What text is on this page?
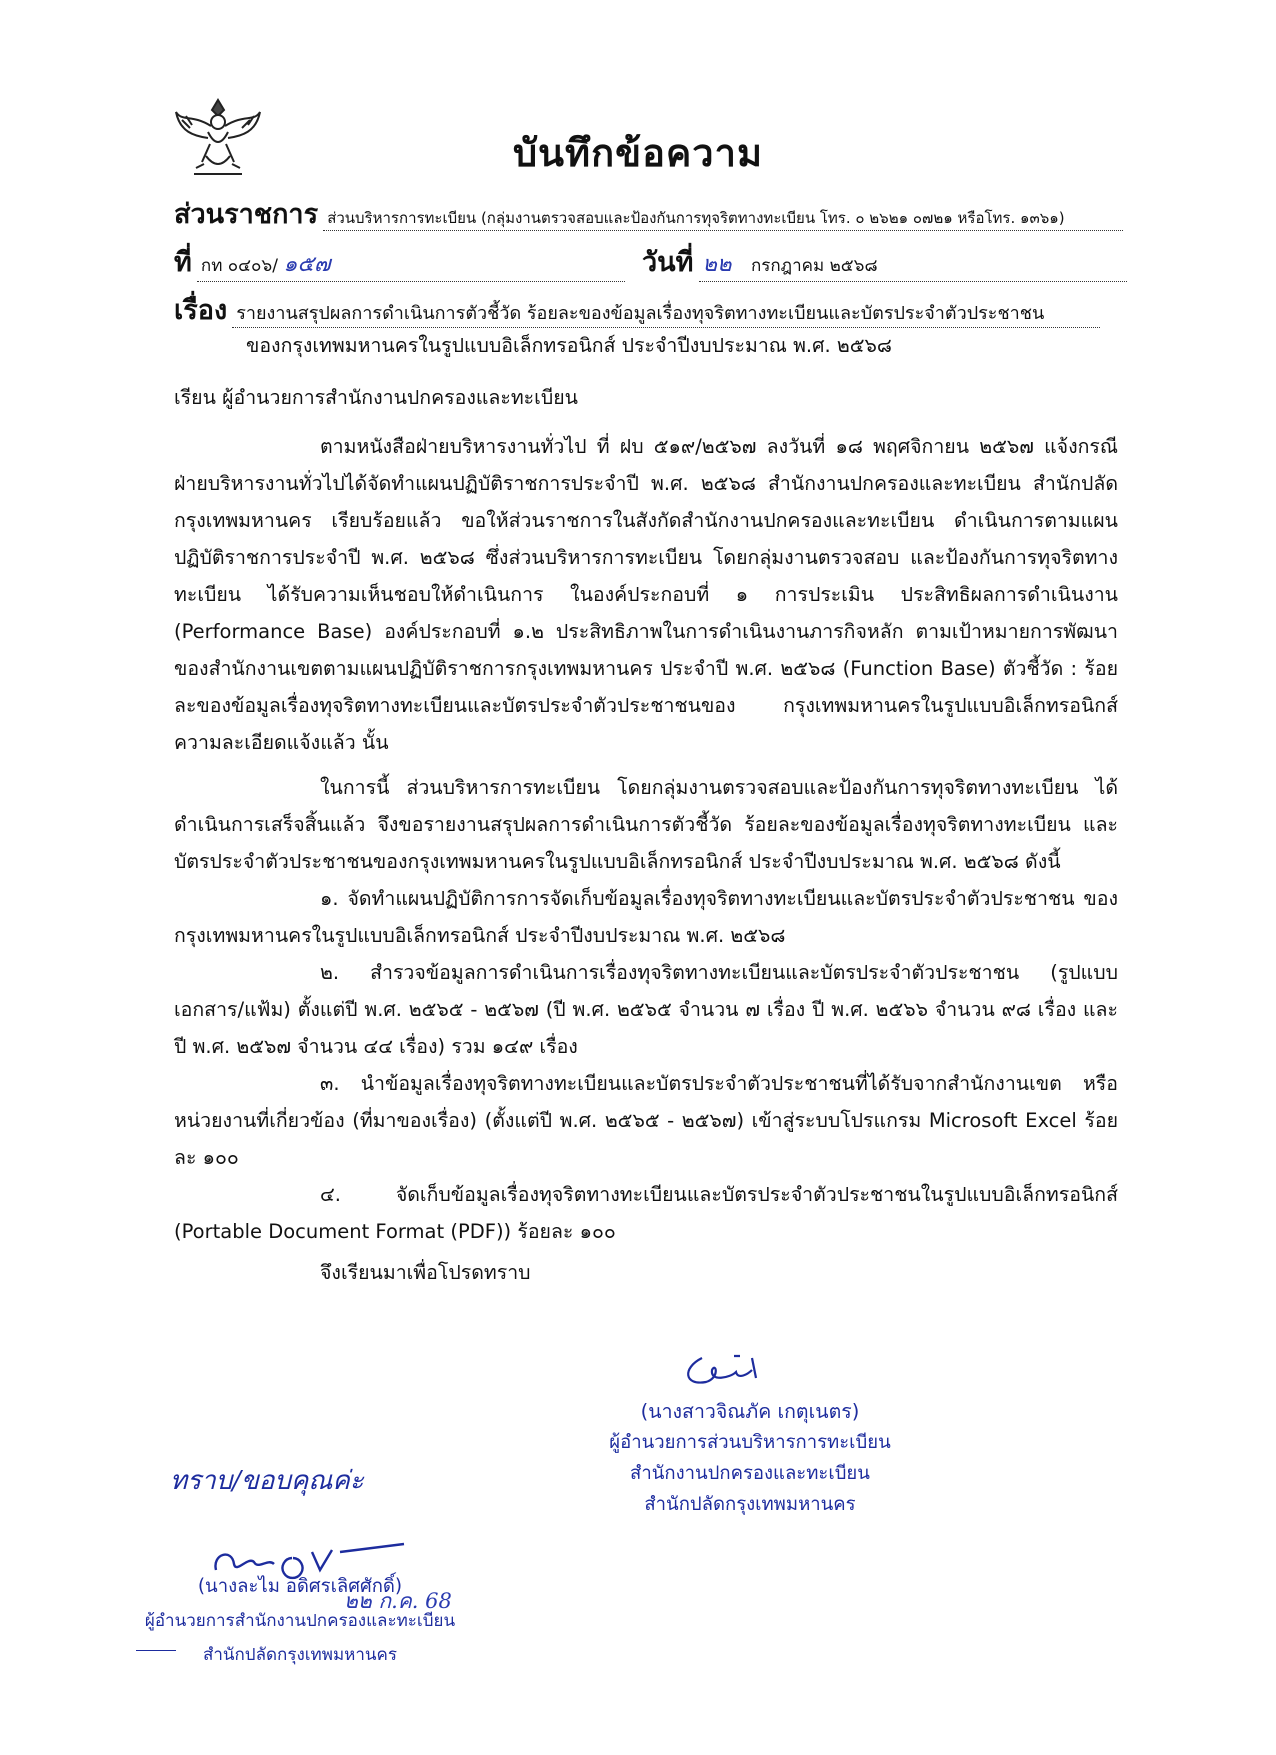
บันทึกข้อความ
ส่วนราชการ ส่วนบริหารการทะเบียน (กลุ่มงานตรวจสอบและป้องกันการทุจริตทางทะเบียน โทร. ๐ ๒๖๒๑ ๐๗๒๑ หรือโทร. ๑๓๖๑)
ที่ กท ๐๔๐๖/ ๑๕๗	วันที่ ๒๒ กรกฎาคม ๒๕๖๘
เรื่อง รายงานสรุปผลการดำเนินการตัวชี้วัด ร้อยละของข้อมูลเรื่องทุจริตทางทะเบียนและบัตรประจำตัวประชาชน
ของกรุงเทพมหานครในรูปแบบอิเล็กทรอนิกส์ ประจำปีงบประมาณ พ.ศ. ๒๕๖๘
เรียน ผู้อำนวยการสำนักงานปกครองและทะเบียน

ตามหนังสือฝ่ายบริหารงานทั่วไป ที่ ฝบ ๕๑๙/๒๕๖๗ ลงวันที่ ๑๘ พฤศจิกายน ๒๕๖๗ แจ้งกรณีฝ่ายบริหารงานทั่วไปได้จัดทำแผนปฏิบัติราชการประจำปี พ.ศ. ๒๕๖๘ สำนักงานปกครองและทะเบียน สำนักปลัดกรุงเทพมหานคร เรียบร้อยแล้ว ขอให้ส่วนราชการในสังกัดสำนักงานปกครองและทะเบียน ดำเนินการตามแผนปฏิบัติราชการประจำปี พ.ศ. ๒๕๖๘ ซึ่งส่วนบริหารการทะเบียน โดยกลุ่มงานตรวจสอบ และป้องกันการทุจริตทางทะเบียน ได้รับความเห็นชอบให้ดำเนินการ ในองค์ประกอบที่ ๑ การประเมิน ประสิทธิผลการดำเนินงาน (Performance Base) องค์ประกอบที่ ๑.๒ ประสิทธิภาพในการดำเนินงานภารกิจหลัก ตามเป้าหมายการพัฒนาของสำนักงานเขตตามแผนปฏิบัติราชการกรุงเทพมหานคร ประจำปี พ.ศ. ๒๕๖๘ (Function Base) ตัวชี้วัด : ร้อยละของข้อมูลเรื่องทุจริตทางทะเบียนและบัตรประจำตัวประชาชนของ กรุงเทพมหานครในรูปแบบอิเล็กทรอนิกส์ ความละเอียดแจ้งแล้ว นั้น

ในการนี้ ส่วนบริหารการทะเบียน โดยกลุ่มงานตรวจสอบและป้องกันการทุจริตทางทะเบียน ได้ดำเนินการเสร็จสิ้นแล้ว จึงขอรายงานสรุปผลการดำเนินการตัวชี้วัด ร้อยละของข้อมูลเรื่องทุจริตทางทะเบียน และบัตรประจำตัวประชาชนของกรุงเทพมหานครในรูปแบบอิเล็กทรอนิกส์ ประจำปีงบประมาณ พ.ศ. ๒๕๖๘ ดังนี้

๑. จัดทำแผนปฏิบัติการการจัดเก็บข้อมูลเรื่องทุจริตทางทะเบียนและบัตรประจำตัวประชาชน ของกรุงเทพมหานครในรูปแบบอิเล็กทรอนิกส์ ประจำปีงบประมาณ พ.ศ. ๒๕๖๘

๒. สำรวจข้อมูลการดำเนินการเรื่องทุจริตทางทะเบียนและบัตรประจำตัวประชาชน (รูปแบบเอกสาร/แฟ้ม) ตั้งแต่ปี พ.ศ. ๒๕๖๕ - ๒๕๖๗ (ปี พ.ศ. ๒๕๖๕ จำนวน ๗ เรื่อง ปี พ.ศ. ๒๕๖๖ จำนวน ๙๘ เรื่อง และปี พ.ศ. ๒๕๖๗ จำนวน ๔๔ เรื่อง) รวม ๑๔๙ เรื่อง

๓. นำข้อมูลเรื่องทุจริตทางทะเบียนและบัตรประจำตัวประชาชนที่ได้รับจากสำนักงานเขต หรือหน่วยงานที่เกี่ยวข้อง (ที่มาของเรื่อง) (ตั้งแต่ปี พ.ศ. ๒๕๖๕ - ๒๕๖๗) เข้าสู่ระบบโปรแกรม Microsoft Excel ร้อยละ ๑๐๐

๔. จัดเก็บข้อมูลเรื่องทุจริตทางทะเบียนและบัตรประจำตัวประชาชนในรูปแบบอิเล็กทรอนิกส์ (Portable Document Format (PDF)) ร้อยละ ๑๐๐

จึงเรียนมาเพื่อโปรดทราบ

(นางสาวจิณภัค เกตุเนตร)
ผู้อำนวยการส่วนบริหารการทะเบียน
สำนักงานปกครองและทะเบียน
สำนักปลัดกรุงเทพมหานคร
ทราบ/ขอบคุณค่ะ
(นางละไม อดิศรเลิศศักดิ์)
๒๒ ก.ค. 68
ผู้อำนวยการสำนักงานปกครองและทะเบียน
สำนักปลัดกรุงเทพมหานคร
